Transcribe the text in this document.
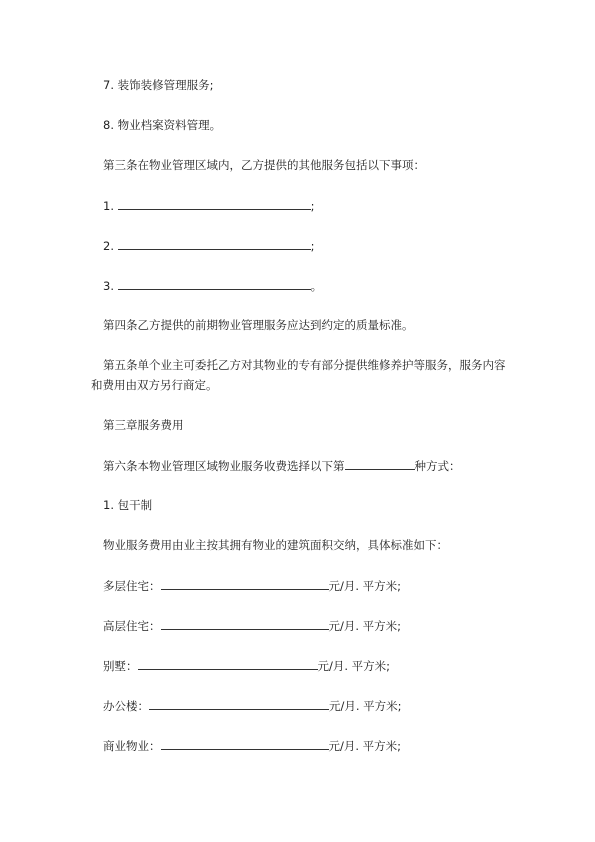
7. 装饰装修管理服务;
8. 物业档案资料管理。
第三条在物业管理区域内，乙方提供的其他服务包括以下事项：
1.	;
2.	;
3.	。
第四条乙方提供的前期物业管理服务应达到约定的质量标准。
第五条单个业主可委托乙方对其物业的专有部分提供维修养护等服务，服务内容
和费用由双方另行商定。
第三章服务费用
第六条本物业管理区域物业服务收费选择以下第	种方式：
1. 包干制
物业服务费用由业主按其拥有物业的建筑面积交纳，具体标准如下：
多层住宅：	元/月. 平方米;
高层住宅：	元/月. 平方米;
别墅：	元/月. 平方米;
办公楼：	元/月. 平方米;
商业物业：	元/月. 平方米;
